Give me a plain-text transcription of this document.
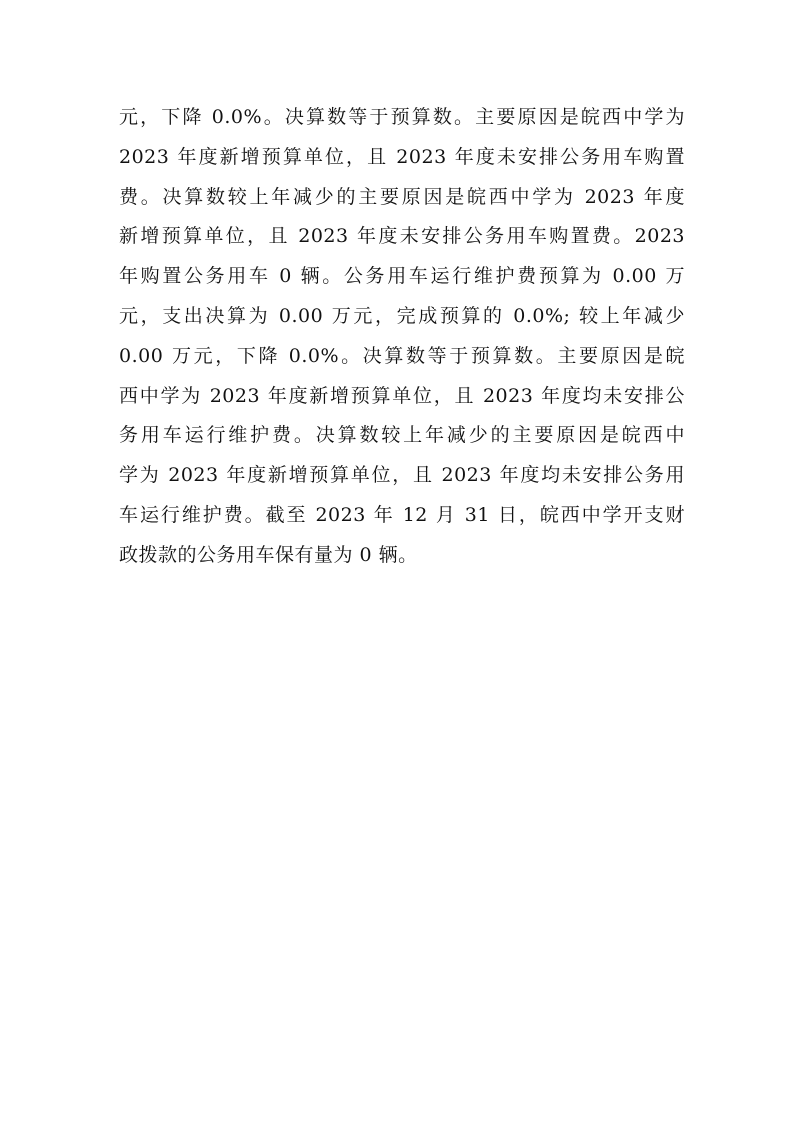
元，下降 0.0%。决算数等于预算数。主要原因是皖西中学为
2023 年度新增预算单位，且 2023 年度未安排公务用车购置
费。决算数较上年减少的主要原因是皖西中学为 2023 年度
新增预算单位，且 2023 年度未安排公务用车购置费。2023
年购置公务用车 0 辆。公务用车运行维护费预算为 0.00 万
元，支出决算为 0.00 万元，完成预算的 0.0%; 较上年减少
0.00 万元，下降 0.0%。决算数等于预算数。主要原因是皖
西中学为 2023 年度新增预算单位，且 2023 年度均未安排公
务用车运行维护费。决算数较上年减少的主要原因是皖西中
学为 2023 年度新增预算单位，且 2023 年度均未安排公务用
车运行维护费。截至 2023 年 12 月 31 日，皖西中学开支财
政拨款的公务用车保有量为 0 辆。
